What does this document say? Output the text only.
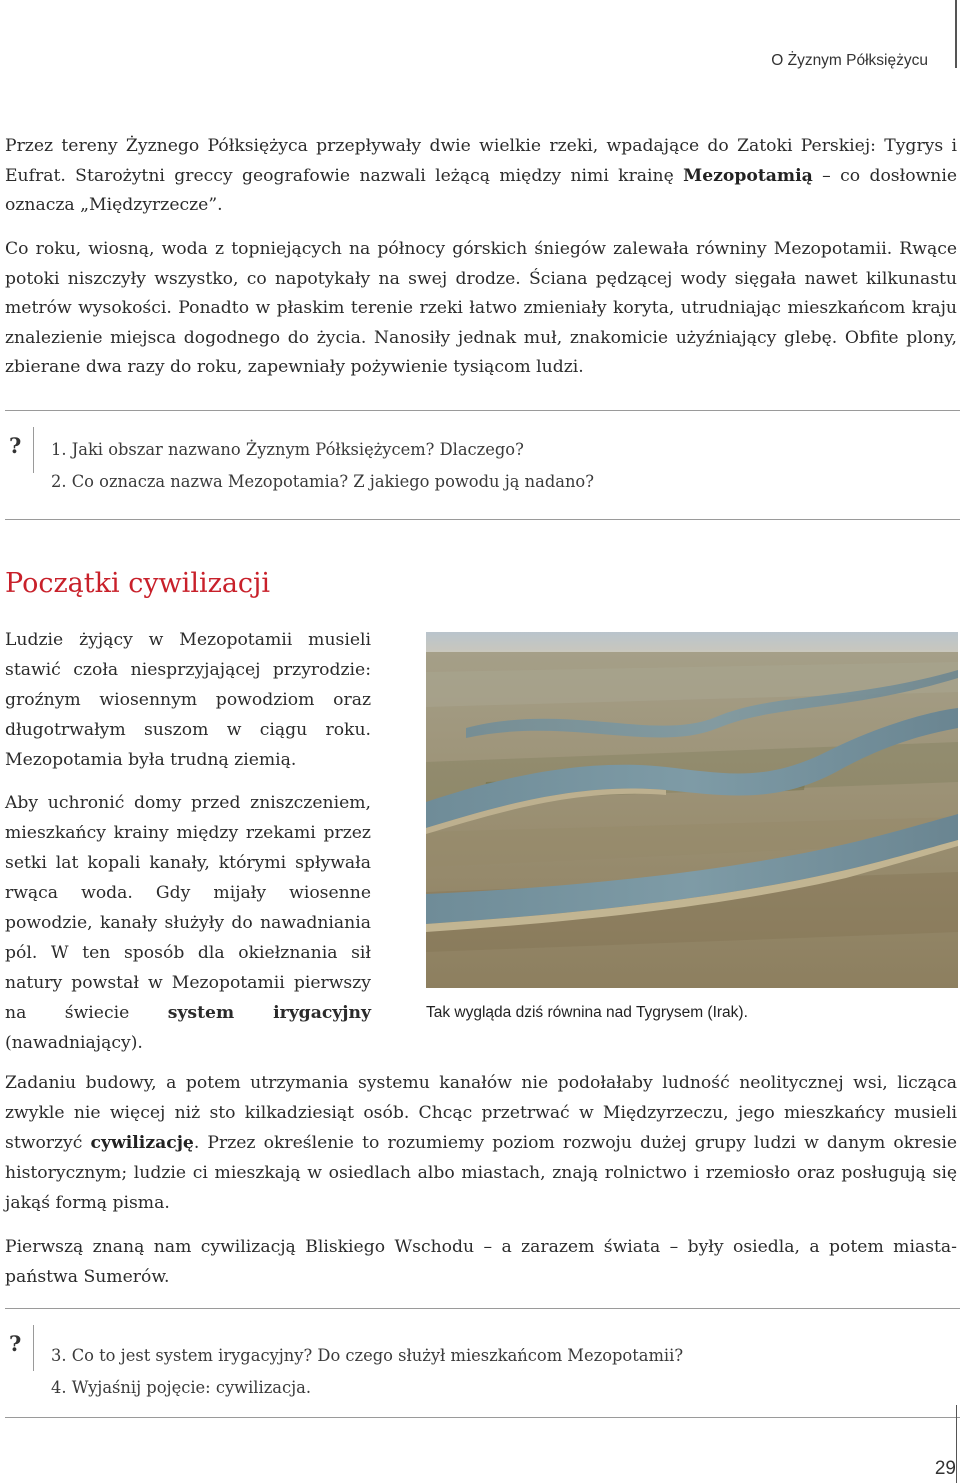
O Żyznym Półksiężycu

Przez tereny Żyznego Półksiężyca przepływały dwie wielkie rzeki, wpadające do Zatoki Perskiej: Tygrys i Eufrat. Starożytni greccy geografowie nazwali leżącą między nimi krainę Mezopotamią – co dosłownie oznacza „Międzyrzecze”.

Co roku, wiosną, woda z topniejących na północy górskich śniegów zalewała równiny Mezopotamii. Rwące potoki niszczyły wszystko, co napotykały na swej drodze. Ściana pędzącej wody sięgała nawet kilkunastu metrów wysokości. Ponadto w płaskim terenie rzeki łatwo zmieniały koryta, utrudniając mieszkańcom kraju znalezienie miejsca dogodnego do życia. Nanosiły jednak muł, znakomicie użyźniający glebę. Obfite plony, zbierane dwa razy do roku, zapewniały pożywienie tysiącom ludzi.

? 1. Jaki obszar nazwano Żyznym Półksiężycem? Dlaczego?

2. Co oznacza nazwa Mezopotamia? Z jakiego powodu ją nadano?

Początki cywilizacji

Ludzie żyjący w Mezopotamii musieli stawić czoła niesprzyjającej przyrodzie: groźnym wiosennym powodziom oraz długotrwałym suszom w ciągu roku. Mezopotamia była trudną ziemią.

Aby uchronić domy przed zniszczeniem, mieszkańcy krainy między rzekami przez setki lat kopali kanały, którymi spływała rwąca woda. Gdy mijały wiosenne powodzie, kanały służyły do nawadniania pól. W ten sposób dla okiełznania sił natury powstał w Mezopotamii pierwszy na świecie system irygacyjny (nawadniający).

Tak wygląda dziś równina nad Tygrysem (Irak).

Zadaniu budowy, a potem utrzymania systemu kanałów nie podołałaby ludność neolitycznej wsi, licząca zwykle nie więcej niż sto kilkadziesiąt osób. Chcąc przetrwać w Międzyrzeczu, jego mieszkańcy musieli stworzyć cywilizację. Przez określenie to rozumiemy poziom rozwoju dużej grupy ludzi w danym okresie historycznym; ludzie ci mieszkają w osiedlach albo miastach, znają rolnictwo i rzemiosło oraz posługują się jakąś formą pisma.

Pierwszą znaną nam cywilizacją Bliskiego Wschodu – a zarazem świata – były osiedla, a potem miasta-państwa Sumerów.

? 3. Co to jest system irygacyjny? Do czego służył mieszkańcom Mezopotamii?

4. Wyjaśnij pojęcie: cywilizacja.

29
